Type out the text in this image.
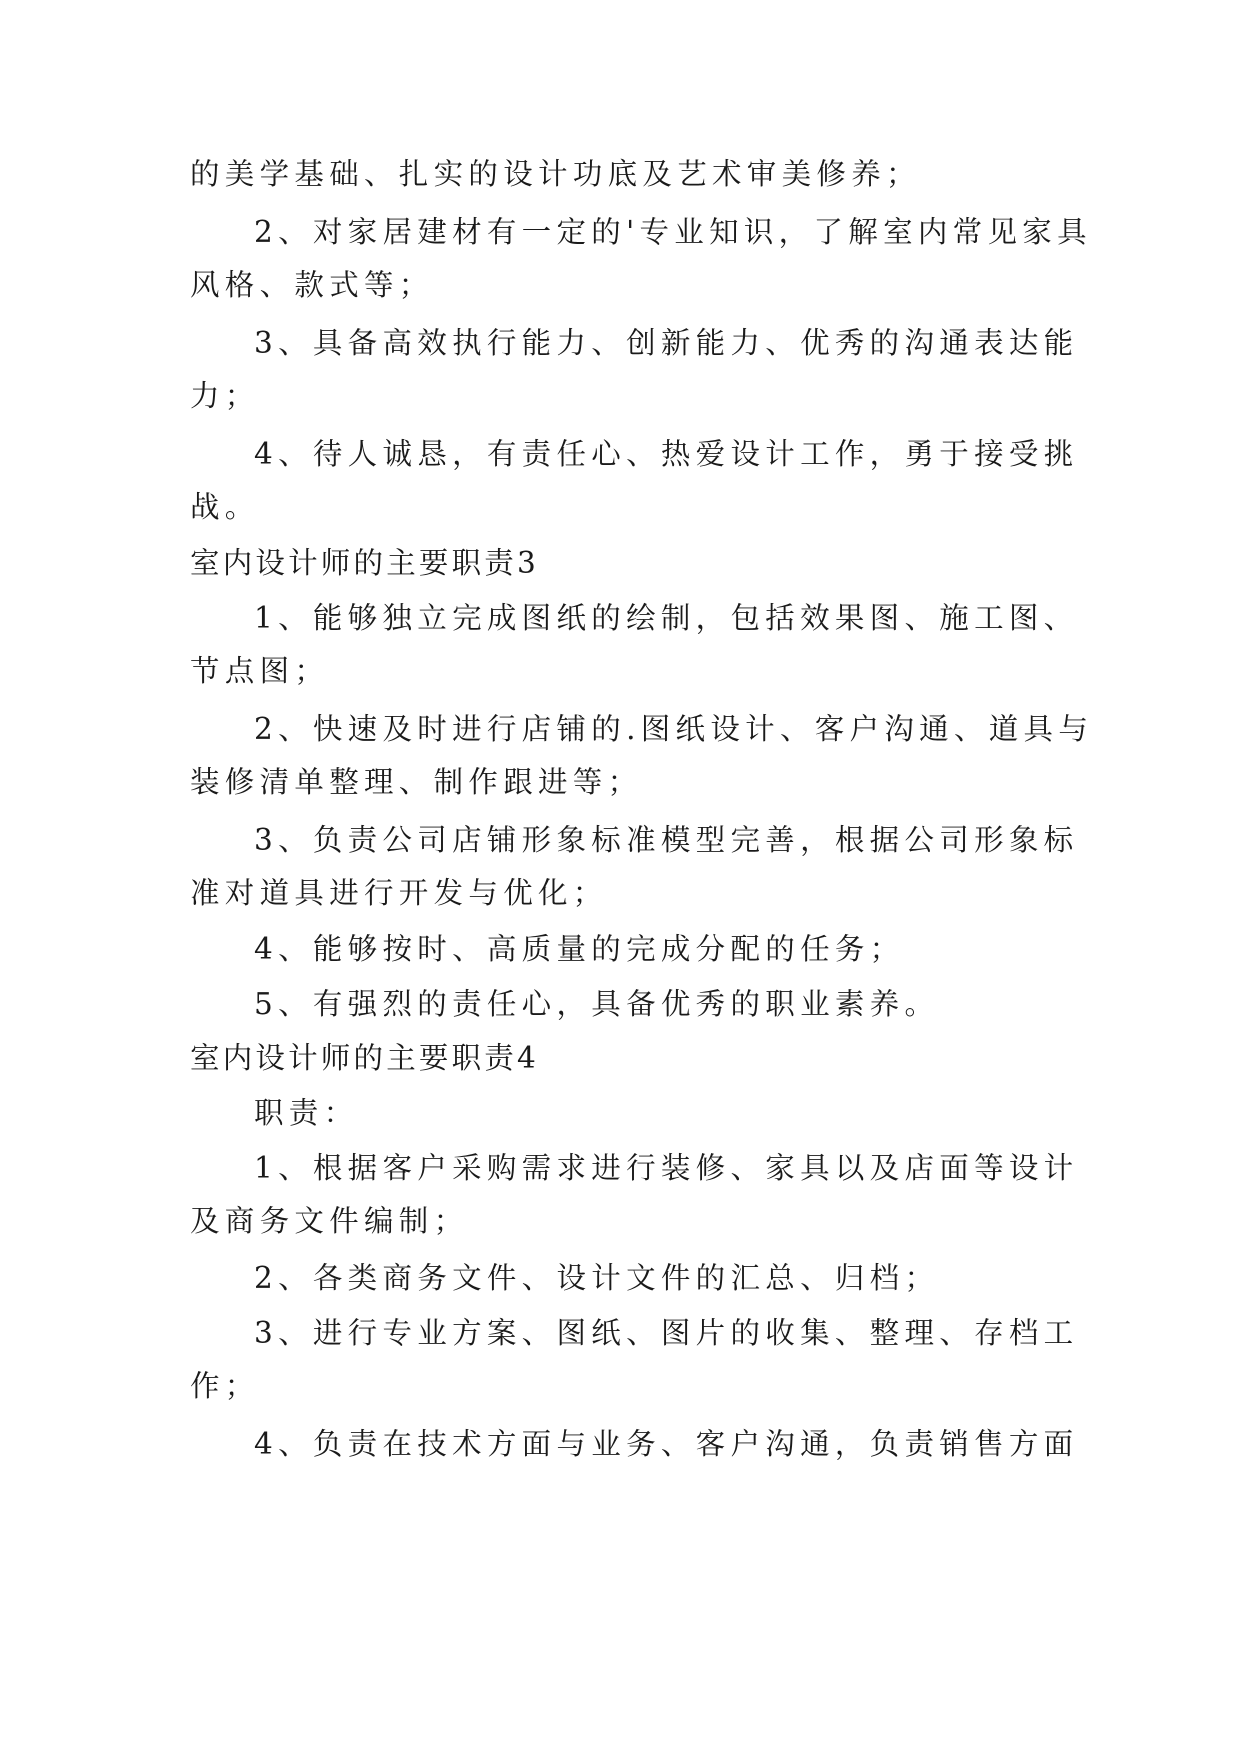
的美学基础、扎实的设计功底及艺术审美修养；
2、对家居建材有一定的'专业知识，了解室内常见家具
风格、款式等；
3、具备高效执行能力、创新能力、优秀的沟通表达能
力；
4、待人诚恳，有责任心、热爱设计工作，勇于接受挑
战。
室内设计师的主要职责3
1、能够独立完成图纸的绘制，包括效果图、施工图、
节点图；
2、快速及时进行店铺的.图纸设计、客户沟通、道具与
装修清单整理、制作跟进等；
3、负责公司店铺形象标准模型完善，根据公司形象标
准对道具进行开发与优化；
4、能够按时、高质量的完成分配的任务；
5、有强烈的责任心，具备优秀的职业素养。
室内设计师的主要职责4
职责：
1、根据客户采购需求进行装修、家具以及店面等设计
及商务文件编制；
2、各类商务文件、设计文件的汇总、归档；
3、进行专业方案、图纸、图片的收集、整理、存档工
作；
4、负责在技术方面与业务、客户沟通，负责销售方面
